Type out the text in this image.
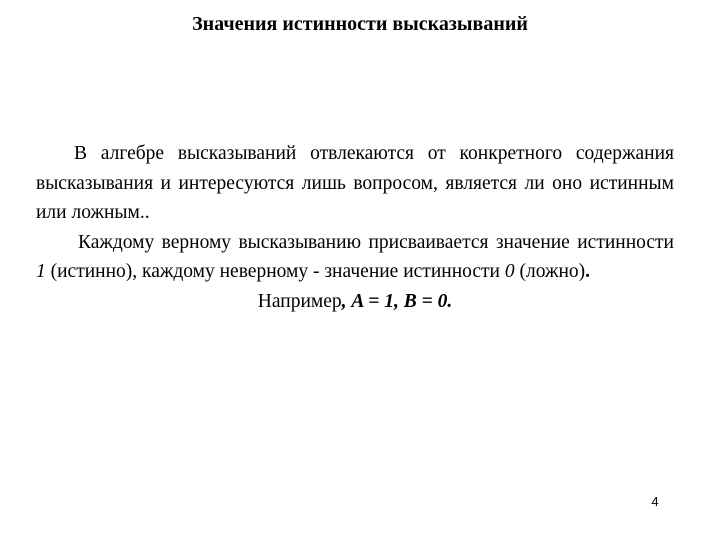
Значения истинности высказываний

В алгебре высказываний отвлекаются от конкретного содержания высказывания и интересуются лишь вопросом, является ли оно истинным или ложным..

Каждому верному высказыванию присваивается значение истинности 1 (истинно), каждому неверному - значение истинности 0 (ложно).

Например, A = 1, B = 0.

4
